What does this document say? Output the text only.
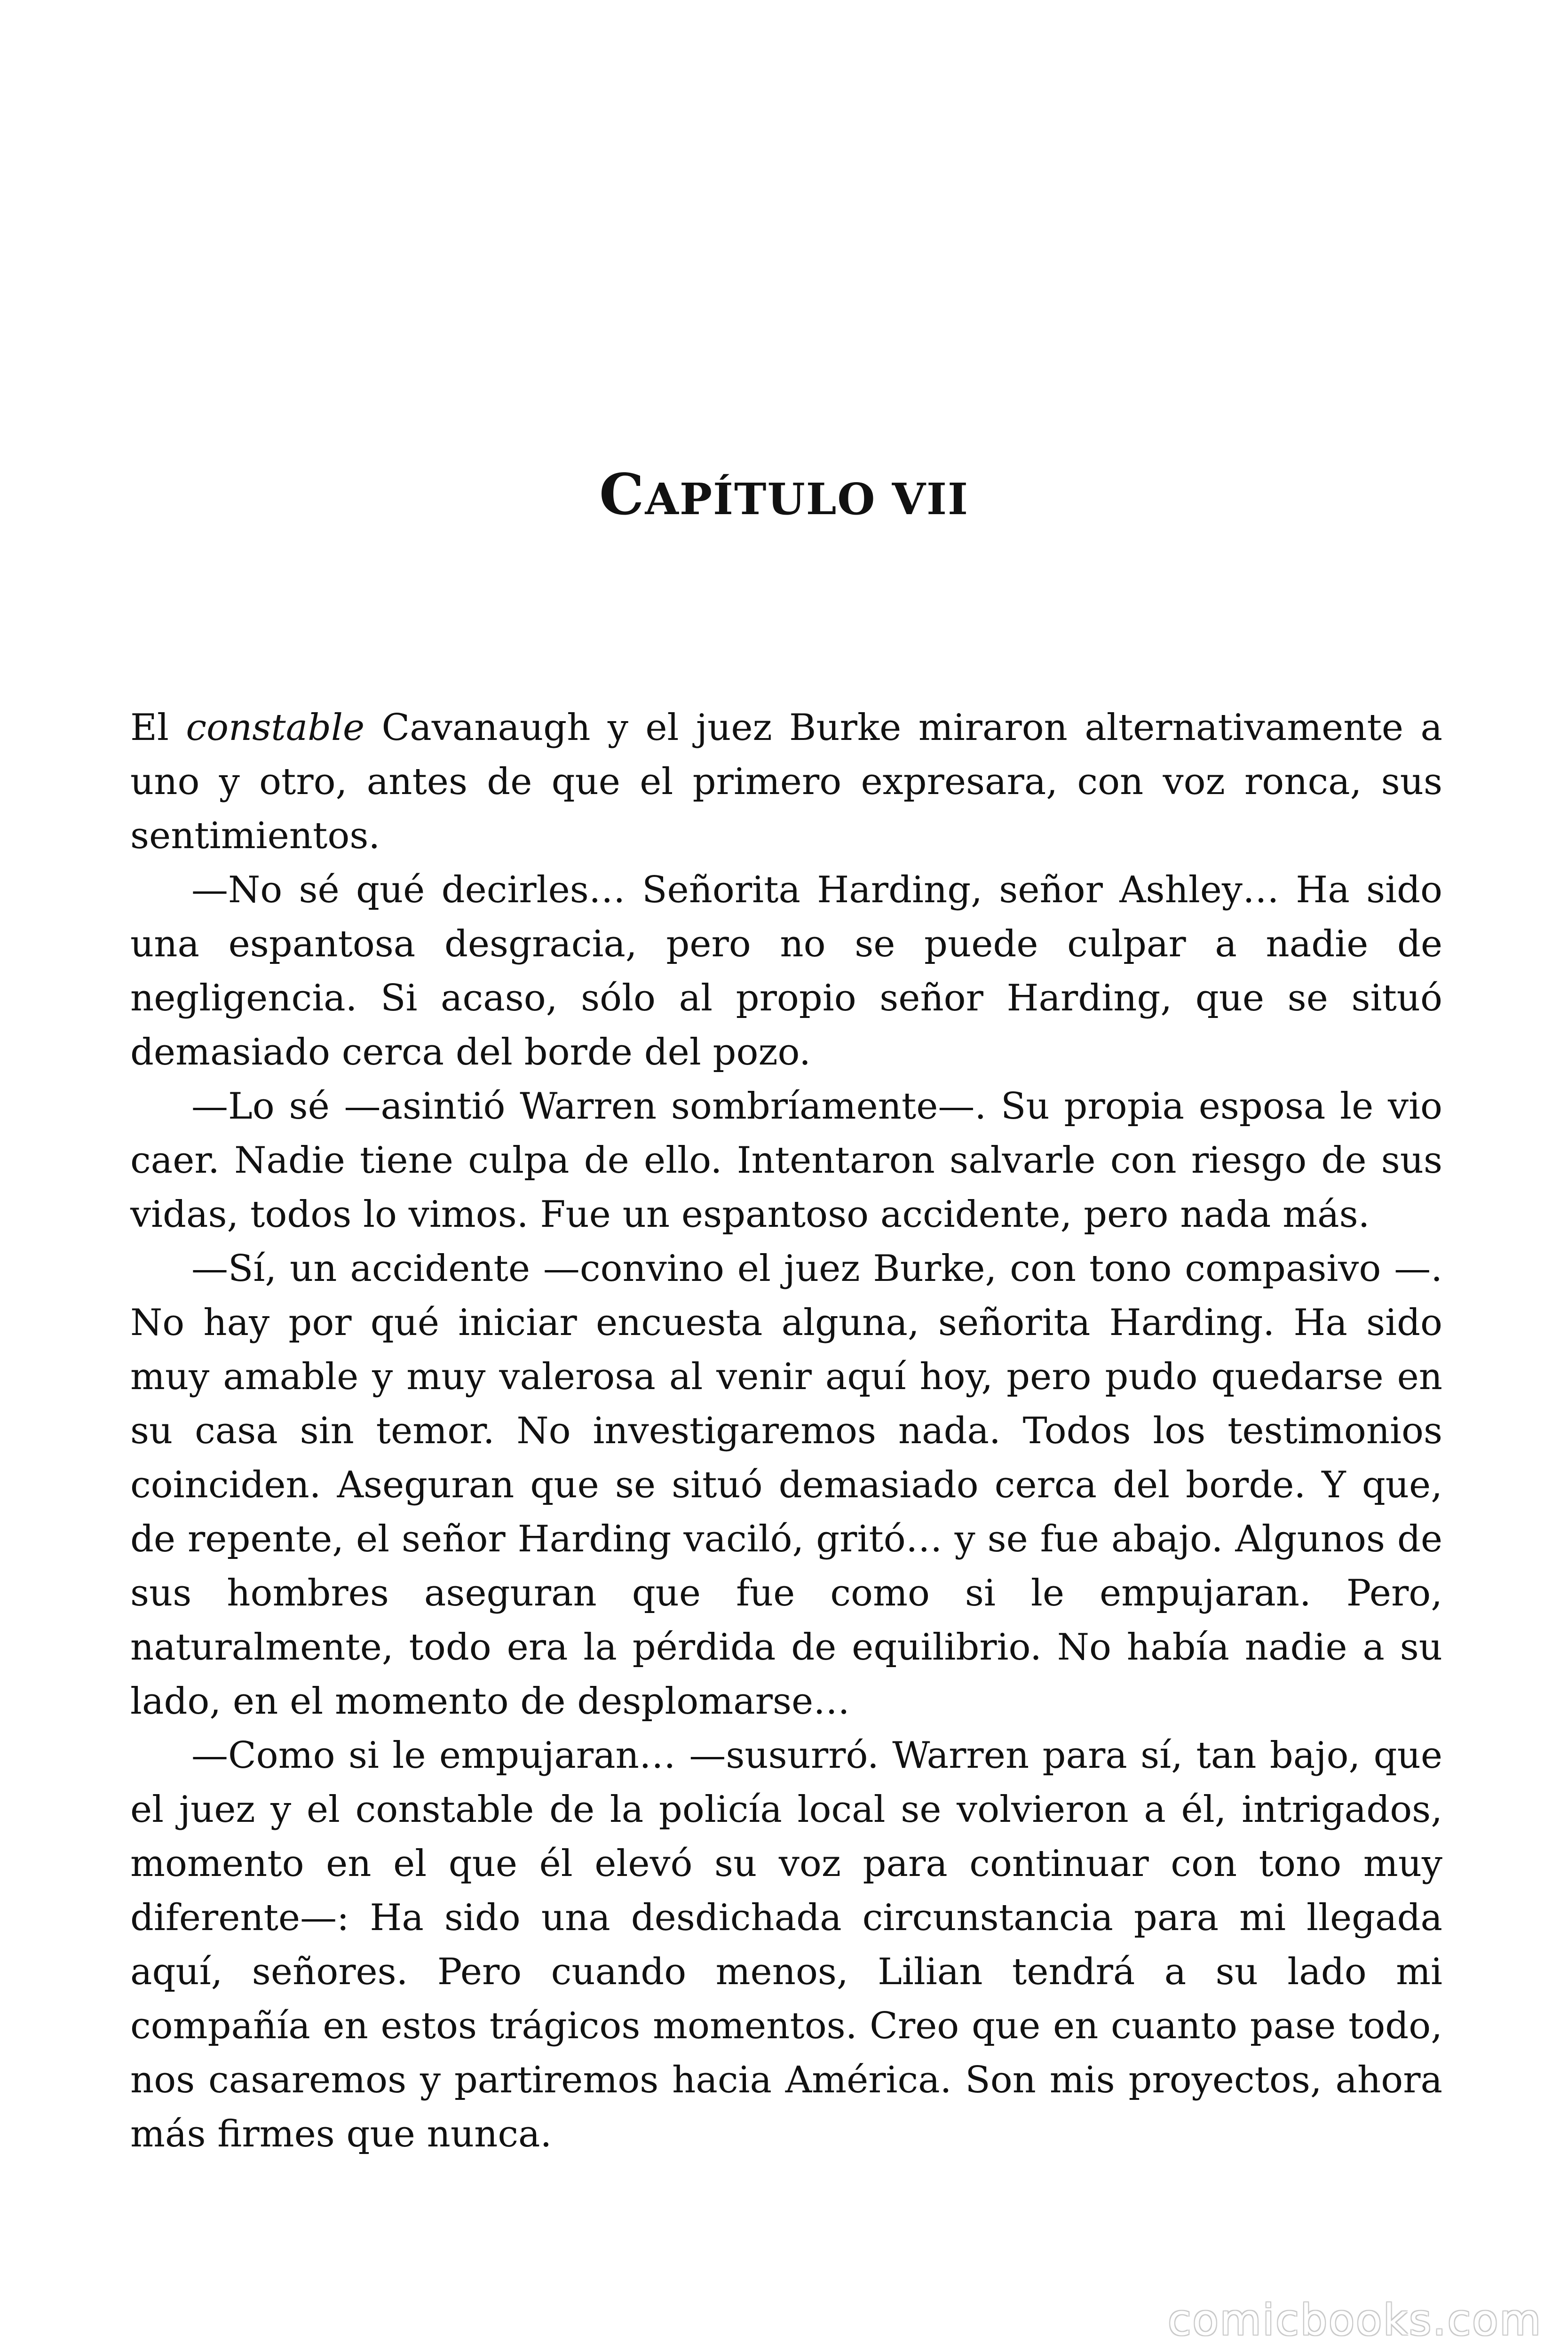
CAPÍTULO VII

El constable Cavanaugh y el juez Burke miraron alternativamente a uno y otro, antes de que el primero expresara, con voz ronca, sus sentimientos.

—No sé qué decirles… Señorita Harding, señor Ashley… Ha sido una espantosa desgracia, pero no se puede culpar a nadie de negligencia. Si acaso, sólo al propio señor Harding, que se situó demasiado cerca del borde del pozo.

—Lo sé —asintió Warren sombríamente—. Su propia esposa le vio caer. Nadie tiene culpa de ello. Intentaron salvarle con riesgo de sus vidas, todos lo vimos. Fue un espantoso accidente, pero nada más.

—Sí, un accidente —convino el juez Burke, con tono compasivo —. No hay por qué iniciar encuesta alguna, señorita Harding. Ha sido muy amable y muy valerosa al venir aquí hoy, pero pudo quedarse en su casa sin temor. No investigaremos nada. Todos los testimonios coinciden. Aseguran que se situó demasiado cerca del borde. Y que, de repente, el señor Harding vaciló, gritó… y se fue abajo. Algunos de sus hombres aseguran que fue como si le empujaran. Pero, naturalmente, todo era la pérdida de equilibrio. No había nadie a su lado, en el momento de desplomarse…

—Como si le empujaran… —susurró. Warren para sí, tan bajo, que el juez y el constable de la policía local se volvieron a él, intrigados, momento en el que él elevó su voz para continuar con tono muy diferente—: Ha sido una desdichada circunstancia para mi llegada aquí, señores. Pero cuando menos, Lilian tendrá a su lado mi compañía en estos trágicos momentos. Creo que en cuanto pase todo, nos casaremos y partiremos hacia América. Son mis proyectos, ahora más firmes que nunca.

comicbooks.com
